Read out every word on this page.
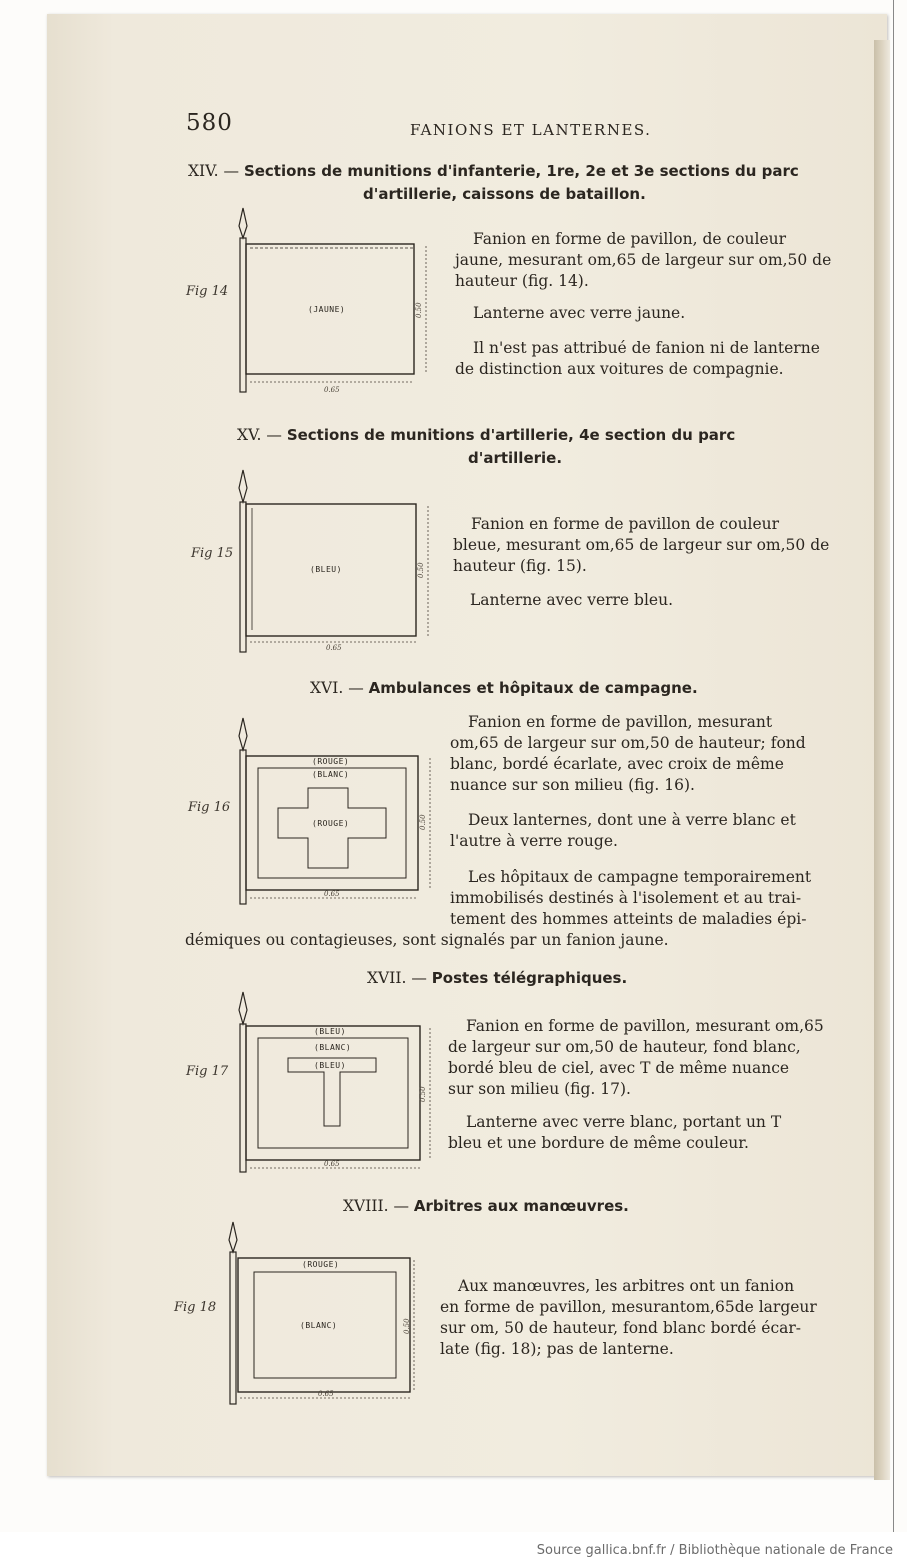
580	FANIONS ET LANTERNES.
XIV. — Sections de munitions d'infanterie, 1re, 2e et 3e sections du parc
d'artillerie, caissons de bataillon.
Fig 14
(JAUNE)
0.65
0.50
Fanion en forme de pavillon, de couleur
jaune, mesurant om,65 de largeur sur om,50 de
hauteur (fig. 14).
Lanterne avec verre jaune.
Il n'est pas attribué de fanion ni de lanterne
de distinction aux voitures de compagnie.
XV. — Sections de munitions d'artillerie, 4e section du parc
d'artillerie.
Fig 15
(BLEU)
0.65
0.50
Fanion en forme de pavillon de couleur
bleue, mesurant om,65 de largeur sur om,50 de
hauteur (fig. 15).
Lanterne avec verre bleu.
XVI. — Ambulances et hôpitaux de campagne.
Fig 16
(ROUGE)
(BLANC)
(ROUGE)
0.65
0.50
Fanion en forme de pavillon, mesurant
om,65 de largeur sur om,50 de hauteur; fond
blanc, bordé écarlate, avec croix de même
nuance sur son milieu (fig. 16).
Deux lanternes, dont une à verre blanc et
l'autre à verre rouge.
Les hôpitaux de campagne temporairement
immobilisés destinés à l'isolement et au trai-
tement des hommes atteints de maladies épi-
démiques ou contagieuses, sont signalés par un fanion jaune.
XVII. — Postes télégraphiques.
Fig 17
(BLEU)
(BLANC)
(BLEU)
0.65
0.50
Fanion en forme de pavillon, mesurant om,65
de largeur sur om,50 de hauteur, fond blanc,
bordé bleu de ciel, avec T de même nuance
sur son milieu (fig. 17).
Lanterne avec verre blanc, portant un T
bleu et une bordure de même couleur.
XVIII. — Arbitres aux manœuvres.
Fig 18
(ROUGE)
(BLANC)
0.65
0.50
Aux manœuvres, les arbitres ont un fanion
en forme de pavillon, mesurantom,65de largeur
sur om, 50 de hauteur, fond blanc bordé écar-
late (fig. 18); pas de lanterne.
Source gallica.bnf.fr / Bibliothèque nationale de France
